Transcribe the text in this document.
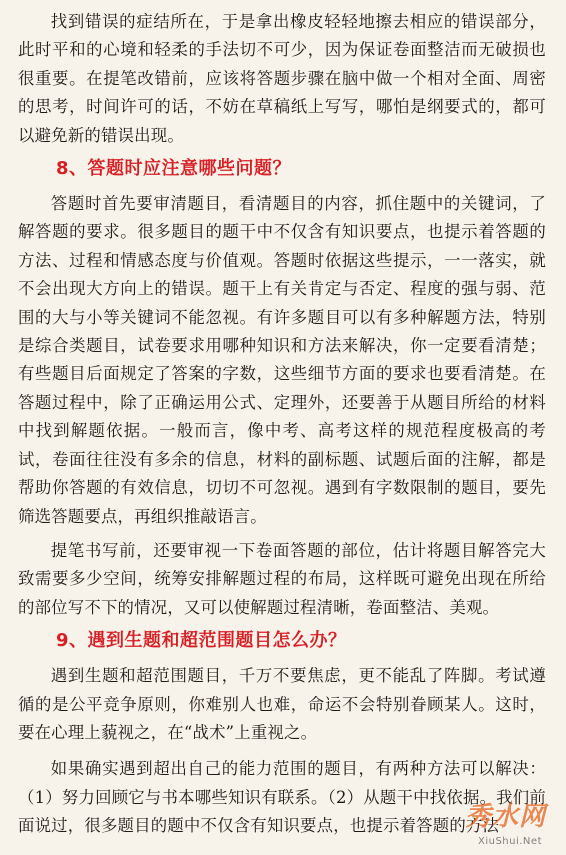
找到错误的症结所在，于是拿出橡皮轻轻地擦去相应的错误部分，此时平和的心境和轻柔的手法切不可少，因为保证卷面整洁而无破损也很重要。在提笔改错前，应该将答题步骤在脑中做一个相对全面、周密的思考，时间许可的话，不妨在草稿纸上写写，哪怕是纲要式的，都可以避免新的错误出现。

8、答题时应注意哪些问题？

答题时首先要审清题目，看清题目的内容，抓住题中的关键词，了解答题的要求。很多题目的题干中不仅含有知识要点，也提示着答题的方法、过程和情感态度与价值观。答题时依据这些提示，一一落实，就不会出现大方向上的错误。题干上有关肯定与否定、程度的强与弱、范围的大与小等关键词不能忽视。有许多题目可以有多种解题方法，特别是综合类题目，试卷要求用哪种知识和方法来解决，你一定要看清楚；有些题目后面规定了答案的字数，这些细节方面的要求也要看清楚。在答题过程中，除了正确运用公式、定理外，还要善于从题目所给的材料中找到解题依据。一般而言，像中考、高考这样的规范程度极高的考试，卷面往往没有多余的信息，材料的副标题、试题后面的注解，都是帮助你答题的有效信息，切切不可忽视。遇到有字数限制的题目，要先筛选答题要点，再组织推敲语言。

提笔书写前，还要审视一下卷面答题的部位，估计将题目解答完大致需要多少空间，统筹安排解题过程的布局，这样既可避免出现在所给的部位写不下的情况，又可以使解题过程清晰，卷面整洁、美观。

9、遇到生题和超范围题目怎么办？

遇到生题和超范围题目，千万不要焦虑，更不能乱了阵脚。考试遵循的是公平竞争原则，你难别人也难，命运不会特别眷顾某人。这时，要在心理上藐视之，在“战术”上重视之。

如果确实遇到超出自己的能力范围的题目，有两种方法可以解决：（1）努力回顾它与书本哪些知识有联系。（2）从题干中找依据。我们前面说过，很多题目的题中不仅含有知识要点，也提示着答题的方法

秀水网
XiuShui.Net
